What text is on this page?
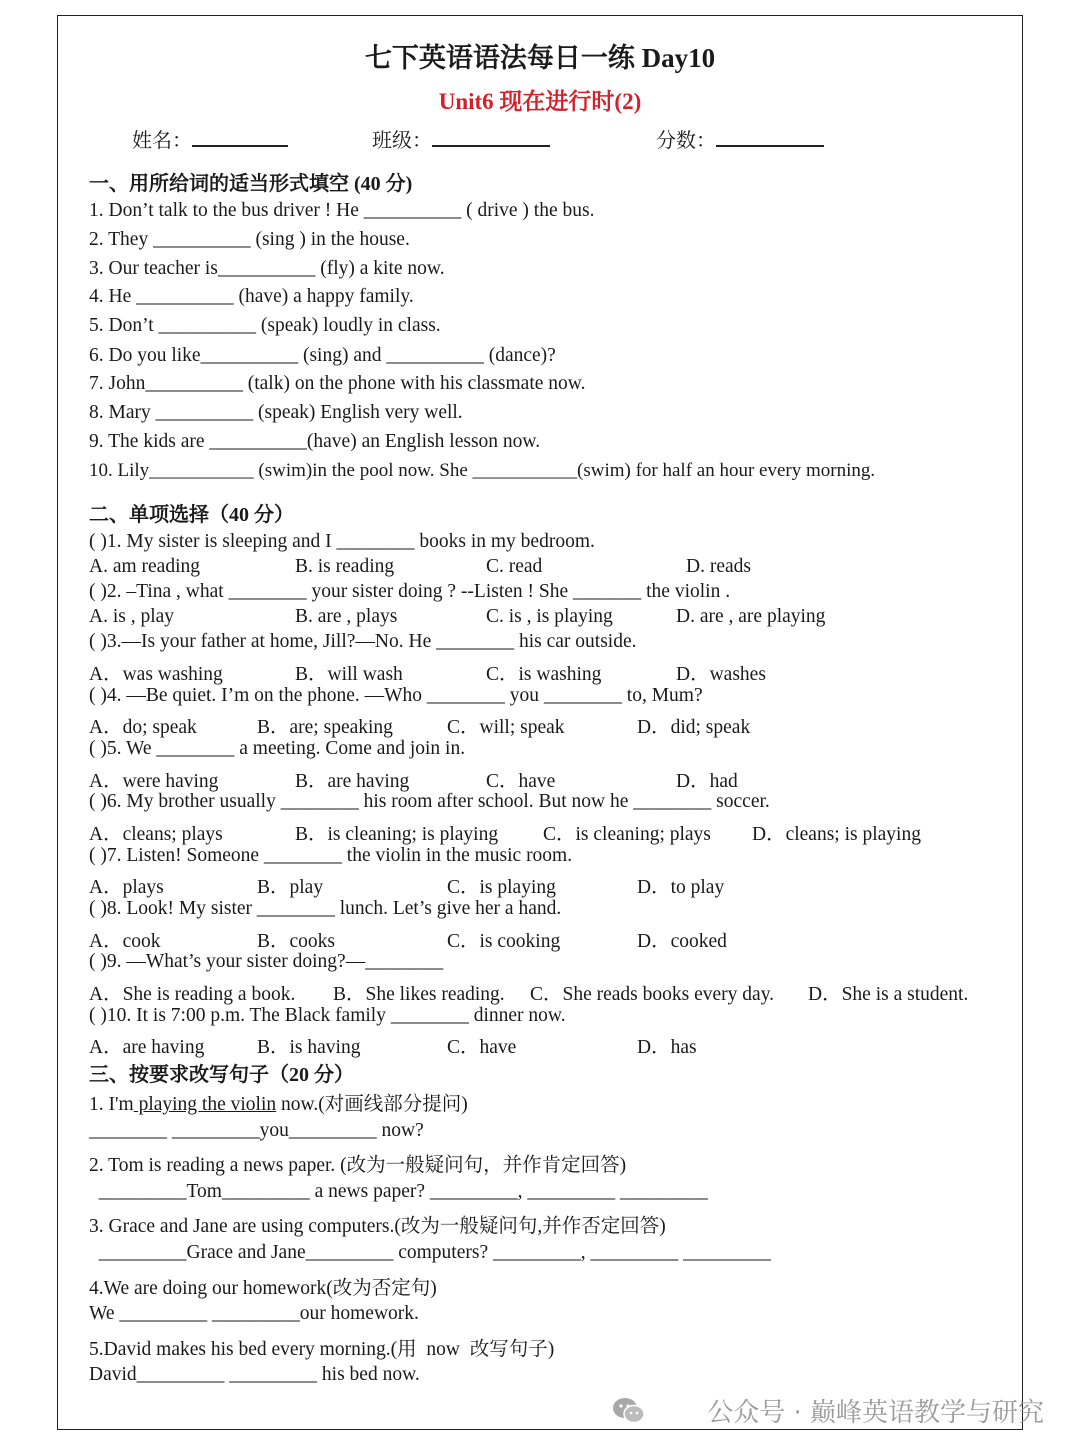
七下英语语法每日一练 Day10
Unit6 现在进行时(2)
姓名：	班级：	分数：
一、用所给词的适当形式填空 (40 分)
1. Don’t talk to the bus driver ! He __________ ( drive ) the bus.
2. They __________ (sing ) in the house.
3. Our teacher is__________ (fly) a kite now.
4. He __________ (have) a happy family.
5. Don’t __________ (speak) loudly in class.
6. Do you like__________ (sing) and __________ (dance)?
7. John__________ (talk) on the phone with his classmate now.
8. Mary __________ (speak) English very well.
9. The kids are __________(have) an English lesson now.
10. Lily___________ (swim)in the pool now. She ___________(swim) for half an hour every morning.
二、单项选择（40 分）
( )1. My sister is sleeping and I ________ books in my bedroom.
A. am reading	B. is reading	C. read	D. reads
( )2. –Tina , what ________ your sister doing ? --Listen ! She _______ the violin .
A. is , play	B. are , plays	C. is , is playing	D. are , are playing
( )3.—Is your father at home, Jill?—No. He ________ his car outside.
A．was washing	B．will wash	C．is washing	D．washes
( )4. —Be quiet. I’m on the phone. —Who ________ you ________ to, Mum?
A．do; speak	B．are; speaking	C．will; speak	D．did; speak
( )5. We ________ a meeting. Come and join in.
A．were having	B．are having	C．have	D．had
( )6. My brother usually ________ his room after school. But now he ________ soccer.
A．cleans; plays	B．is cleaning; is playing C．is cleaning; plays D．cleans; is playing
( )7. Listen! Someone ________ the violin in the music room.
A．plays	B．play	C．is playing	D．to play
( )8. Look! My sister ________ lunch. Let’s give her a hand.
A．cook	B．cooks	C．is cooking	D．cooked
( )9. —What’s your sister doing?—________
A．She is reading a book. B．She likes reading. C．She reads books every day. D．She is a student.
( )10. It is 7:00 p.m. The Black family ________ dinner now.
A．are having	B．is having	C．have	D．has
三、按要求改写句子（20 分）
1. I'm playing the violin now.(对画线部分提问)
________ _________you_________ now?
2. Tom is reading a news paper. (改为一般疑问句，并作肯定回答)
_________Tom_________ a news paper? _________, _________ _________
3. Grace and Jane are using computers.(改为一般疑问句,并作否定回答)
_________Grace and Jane_________ computers? _________, _________ _________
4.We are doing our homework(改为否定句)
We _________ _________our homework.
5.David makes his bed every morning.(用  now  改写句子)
David_________ _________ his bed now.
公众号 · 巅峰英语教学与研究
